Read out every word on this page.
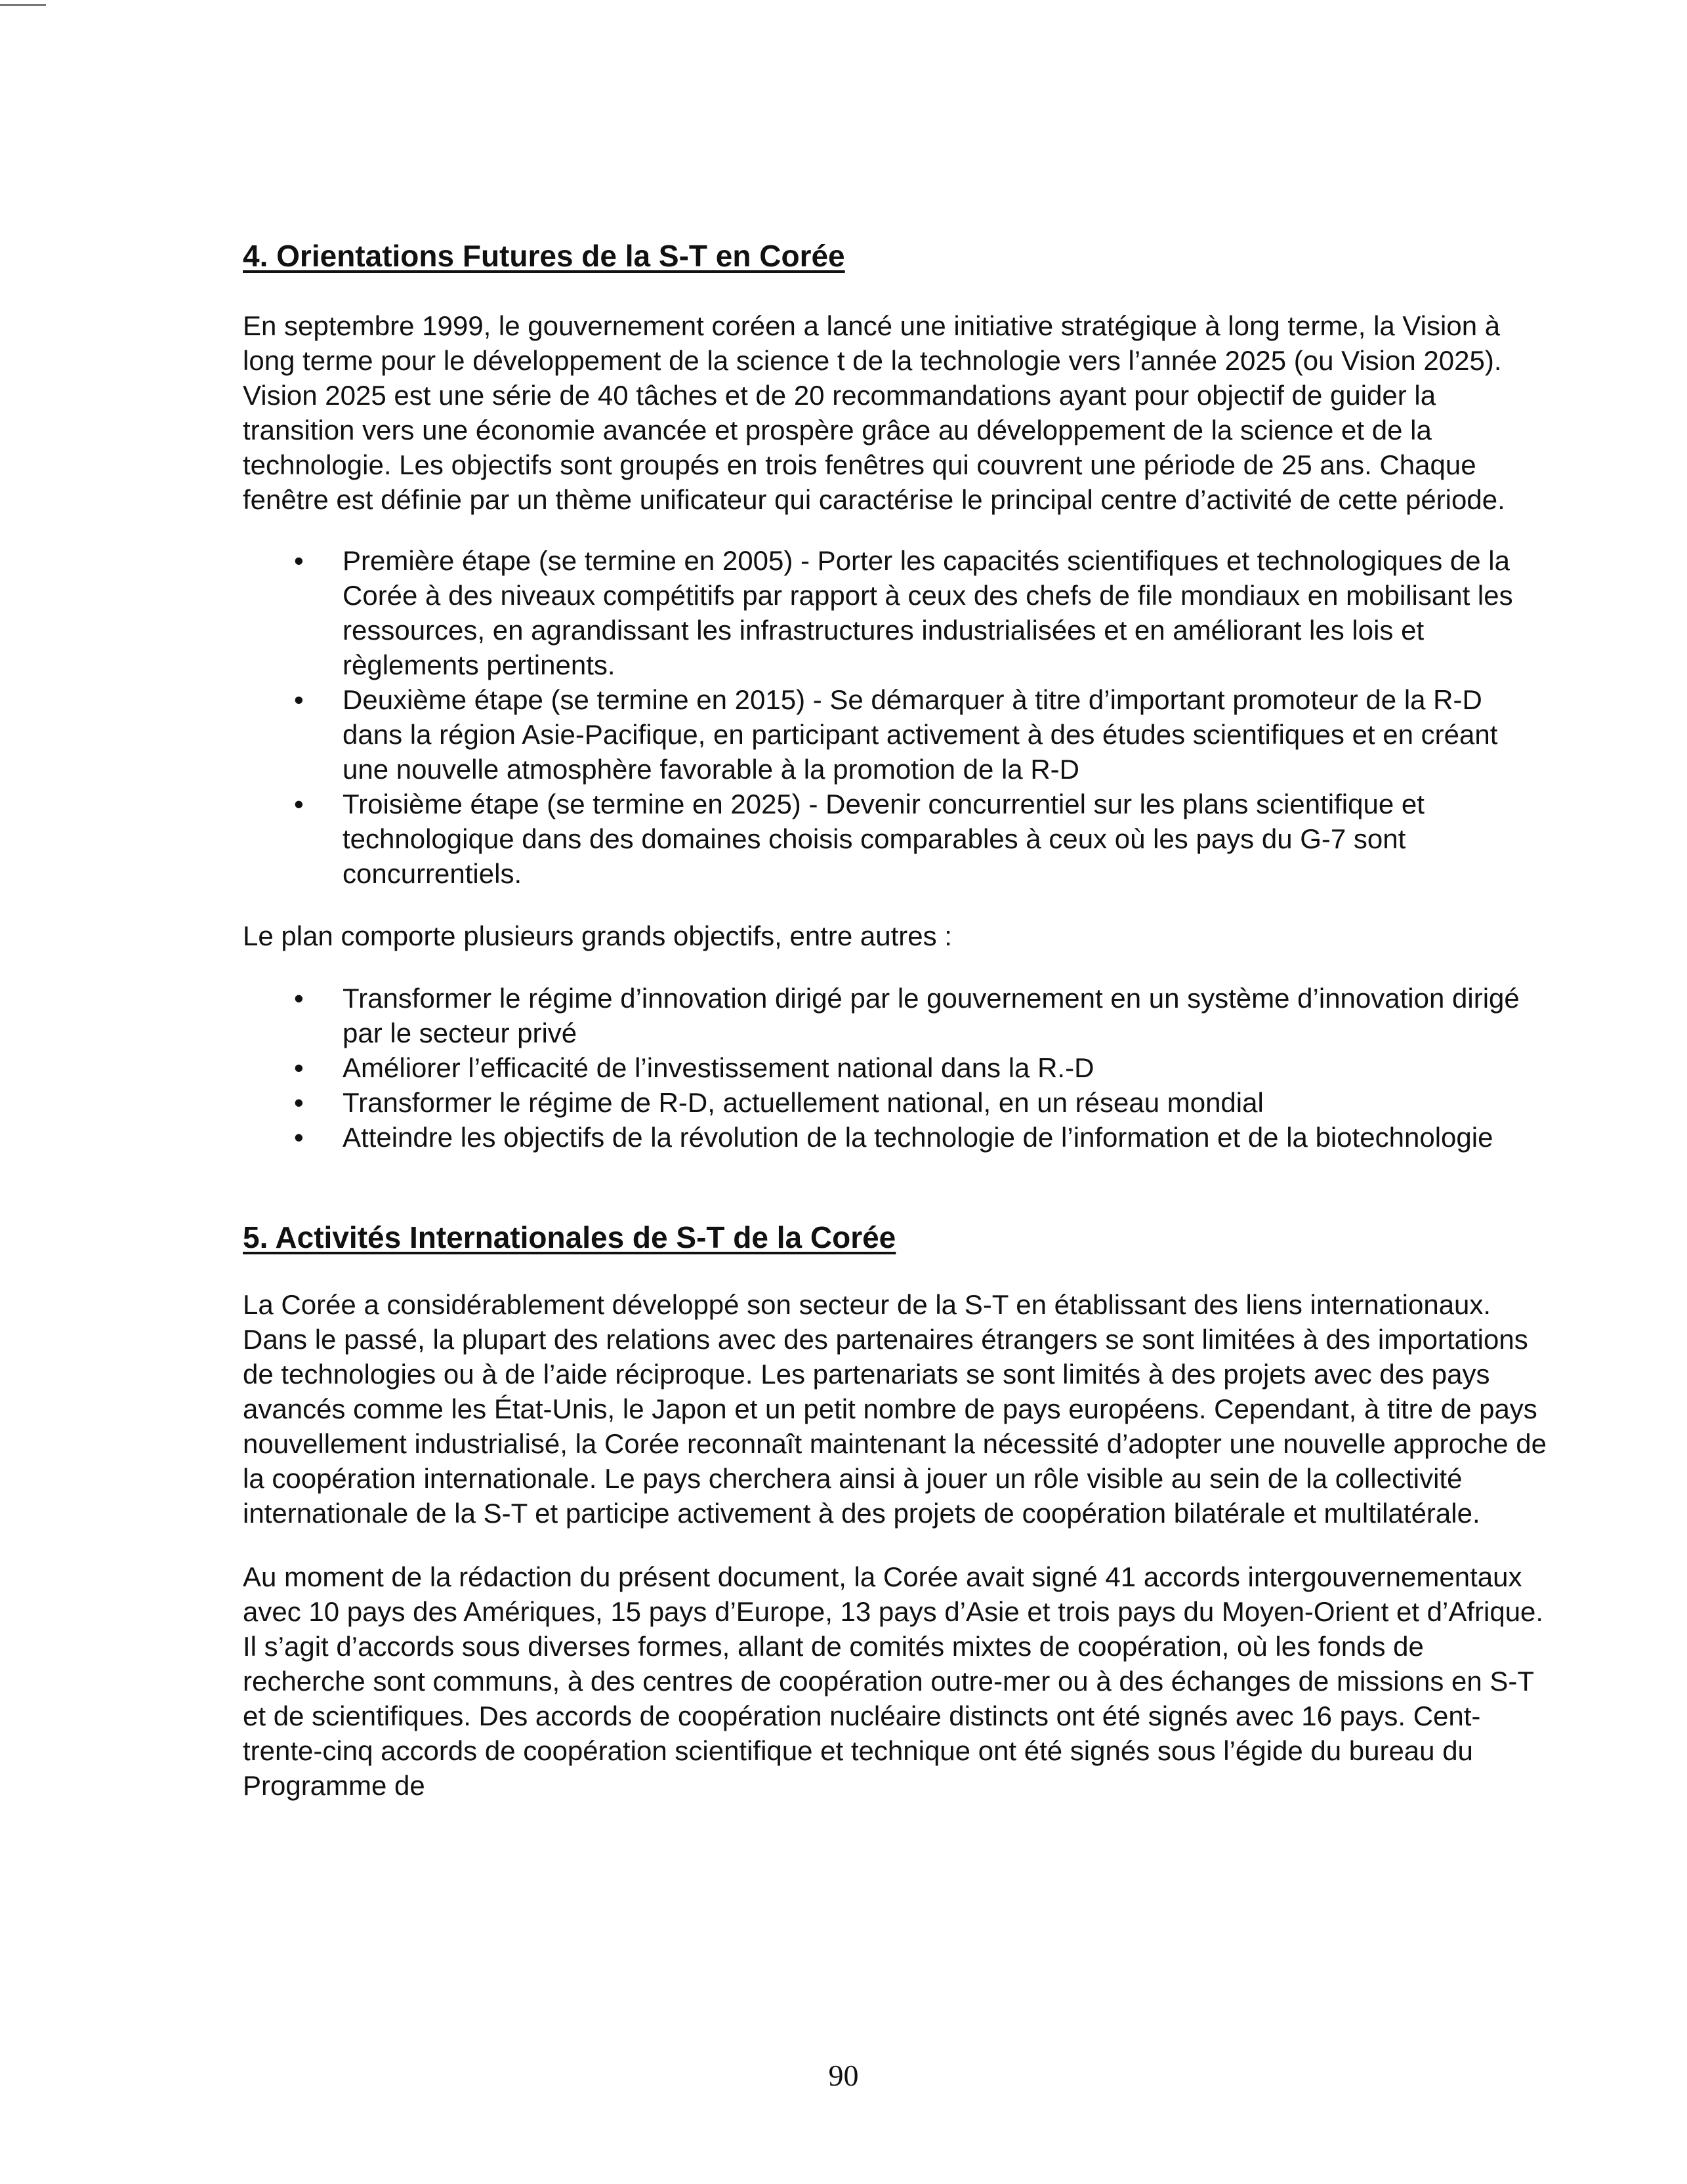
4. Orientations Futures de la S-T en Corée

En septembre 1999, le gouvernement coréen a lancé une initiative stratégique à long terme, la Vision à long terme pour le développement de la science t de la technologie vers l’année 2025 (ou Vision 2025). Vision 2025 est une série de 40 tâches et de 20 recommandations ayant pour objectif de guider la transition vers une économie avancée et prospère grâce au développement de la science et de la technologie. Les objectifs sont groupés en trois fenêtres qui couvrent une période de 25 ans. Chaque fenêtre est définie par un thème unificateur qui caractérise le principal centre d’activité de cette période.

• Première étape (se termine en 2005) - Porter les capacités scientifiques et technologiques de la Corée à des niveaux compétitifs par rapport à ceux des chefs de file mondiaux en mobilisant les ressources, en agrandissant les infrastructures industrialisées et en améliorant les lois et règlements pertinents.
• Deuxième étape (se termine en 2015) - Se démarquer à titre d’important promoteur de la R-D dans la région Asie-Pacifique, en participant activement à des études scientifiques et en créant une nouvelle atmosphère favorable à la promotion de la R-D
• Troisième étape (se termine en 2025) - Devenir concurrentiel sur les plans scientifique et technologique dans des domaines choisis comparables à ceux où les pays du G-7 sont concurrentiels.

Le plan comporte plusieurs grands objectifs, entre autres :

• Transformer le régime d’innovation dirigé par le gouvernement en un système d’innovation dirigé par le secteur privé
• Améliorer l’efficacité de l’investissement national dans la R.-D
• Transformer le régime de R-D, actuellement national, en un réseau mondial
• Atteindre les objectifs de la révolution de la technologie de l’information et de la biotechnologie
5. Activités Internationales de S-T de la Corée

La Corée a considérablement développé son secteur de la S-T en établissant des liens internationaux. Dans le passé, la plupart des relations avec des partenaires étrangers se sont limitées à des importations de technologies ou à de l’aide réciproque. Les partenariats se sont limités à des projets avec des pays avancés comme les État-Unis, le Japon et un petit nombre de pays européens. Cependant, à titre de pays nouvellement industrialisé, la Corée reconnaît maintenant la nécessité d’adopter une nouvelle approche de la coopération internationale. Le pays cherchera ainsi à jouer un rôle visible au sein de la collectivité internationale de la S-T et participe activement à des projets de coopération bilatérale et multilatérale.

Au moment de la rédaction du présent document, la Corée avait signé 41 accords intergouvernementaux avec 10 pays des Amériques, 15 pays d’Europe, 13 pays d’Asie et trois pays du Moyen-Orient et d’Afrique. Il s’agit d’accords sous diverses formes, allant de comités mixtes de coopération, où les fonds de recherche sont communs, à des centres de coopération outre-mer ou à des échanges de missions en S-T et de scientifiques. Des accords de coopération nucléaire distincts ont été signés avec 16 pays. Cent-trente-cinq accords de coopération scientifique et technique ont été signés sous l’égide du bureau du Programme de

90
